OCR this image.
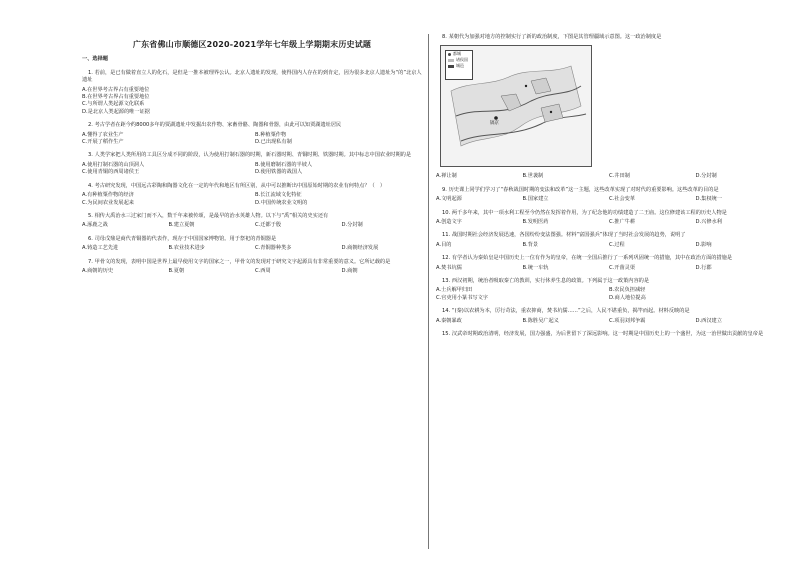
广东省佛山市顺德区2020-2021学年七年级上学期期末历史试题
一、选择题
1. 若前，是已有做着直立人的化石，是但是一推本被理界公认。北京人遗址的发现，使得国内人存在的到肯定，因为很多北京人遗址为“的”北京人遗址
A.在世界考古界占有重要地位
B.在世界考古界占有重要地位
C.与所谓人类起源文化联系
D.是北京人类起源的唯一证据
2. 考古学者在距今约8000多年的贾湖遗址中发掘出农作物、家畜骨骼、陶器和骨器，由此可以知贾湖遗址居民
A.懂得了农业生产	B.种植粟作物
C.开展了稻作生产	D.已出现私有制
3. 人类学家把人类所用的工具区分成不同的阶段，认为使用打制石器的时期，新石器时期、青铜时期、铁器时期。其中标志中国农业时期的是
A.使用打制石器的山顶洞人	B.使用磨制石器的半坡人
C.使用青铜的西周诸侯王	D.使用铁器的战国人
4. 考古研究发现，中国远古彩陶和陶器文化在一定的年代和地区有所区别，从中可以推断出中国原始时期的农业有何特点？（　）
A.有种植粟作物的经济	B.长江流域文化特征
C.为民间农业发展起来	D.中国传统农业文明的
5. 相传大禹治水三过家门而不入，数千年来被传颂，是最早的治水英雄人物。以下与“禹”相关的史实还有
A.涿鹿之战	B.建立夏朝	C.迁都于殷	D.分封制
6. 司母戊鼎是商代青铜器的代表作，现存于中国国家博物馆。用于祭祀的青铜器是
A.铸造工艺先进	B.农业技术进步	C.青铜器种类多	D.商朝经济发展
7. 甲骨文的发现，表明中国是世界上最早使用文字的国家之一，甲骨文的发现对于研究文字起源具有非常重要的意义。它所记载的是
A.商朝的历史	B.夏朝	C.西周	D.商朝
8. 某朝代为加强对地方的控制实行了新的政治制度，下图是其管理疆域示意图。这一政治制度是
都城
诸侯国
城邑
镐京
A.禅让制	B.世袭制	C.井田制	D.分封制
9. 历史课上同学们学习了“春秋战国时期的变法和改革”这一主题，这些改革实现了对时代的重要影响。这些改革的目的是
A.文明起源	B.国家建立	C.社会变革	D.集权统一
10. 两千多年来，其中一项水利工程至今仍然在发挥着作用，为了纪念他的功绩建造了二王庙。这位修建该工程的历史人物是
A.创造文字	B.发明医药	C.推广牛耕	D.兴修水利
11. 战国时期社会经济发展迅速，各国纷纷变法图强。材料“富国强兵”体现了当时社会发展的趋势，说明了
A.目的	B.背景	C.过程	D.影响
12. 有学者认为秦始皇是中国历史上一位有作为的皇帝，在统一全国后推行了一系列巩固统一的措施，其中在政治方面的措施是
A.焚书坑儒	B.统一车轨	C.开凿灵渠	D.行郡
13. 西汉初期，统治者吸取秦亡的教训，实行休养生息的政策。下列属于这一政策内容的是
A.士兵解甲归田	B.农民负担减轻
C.官吏用小篆书写文字	D.商人地位提高
14. “(秦)以农耕为本，厉行苛法，重农抑商，焚书坑儒……”之后，人民不堪重负，揭竿而起。材料反映的是
A.秦朝暴政	B.陈胜吴广起义	C.项羽刘邦争霸	D.西汉建立
15. 汉武帝时期政治清明，经济发展，国力强盛，为后世留下了深远影响。这一时期是中国历史上的一个盛世，为这一治世做出贡献的皇帝是
